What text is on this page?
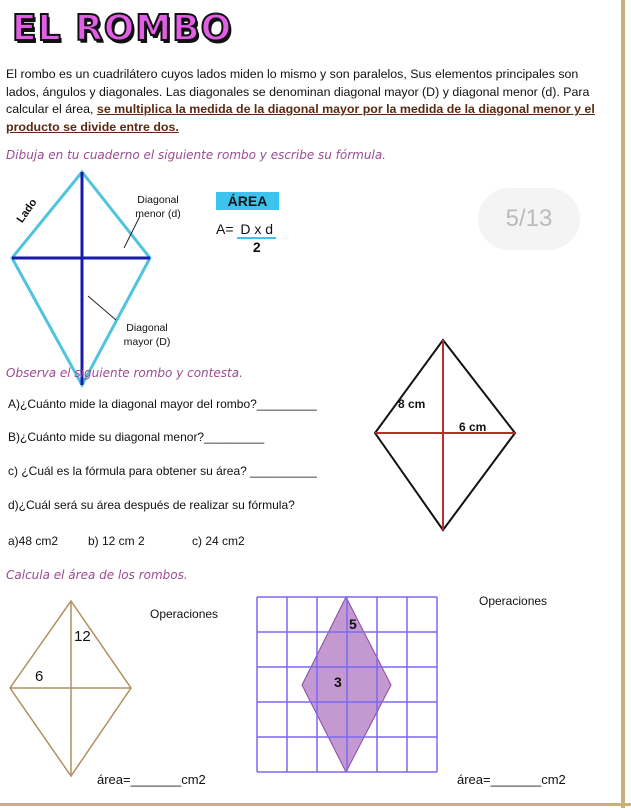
EL ROMBO
El rombo es un cuadrilátero cuyos lados miden lo mismo y son paralelos, Sus elementos principales son lados, ángulos y diagonales. Las diagonales se denominan diagonal mayor (D) y diagonal menor (d). Para calcular el área, se multiplica la medida de la diagonal mayor por la medida de la diagonal menor y el producto se divide entre dos.
Dibuja en tu cuaderno el siguiente rombo y escribe su fórmula.
Lado	Diagonal
menor (d)
Diagonal
mayor (D)
ÁREA
$A= \frac{\text{D x d}}{2}$
5/13
Observa el siguiente rombo y contesta.
A)¿Cuánto mide la diagonal mayor del rombo?_________
B)¿Cuánto mide su diagonal menor?_________
c) ¿Cuál es la fórmula para obtener su área? __________
d)¿Cuál será su área después de realizar su fórmula?
a)48 cm2 b) 12 cm 2	c) 24 cm2
8 cm
6 cm
Calcula el área de los rombos.
12
6
Operaciones
área=_______cm2
5
3
Operaciones
área=_______cm2
